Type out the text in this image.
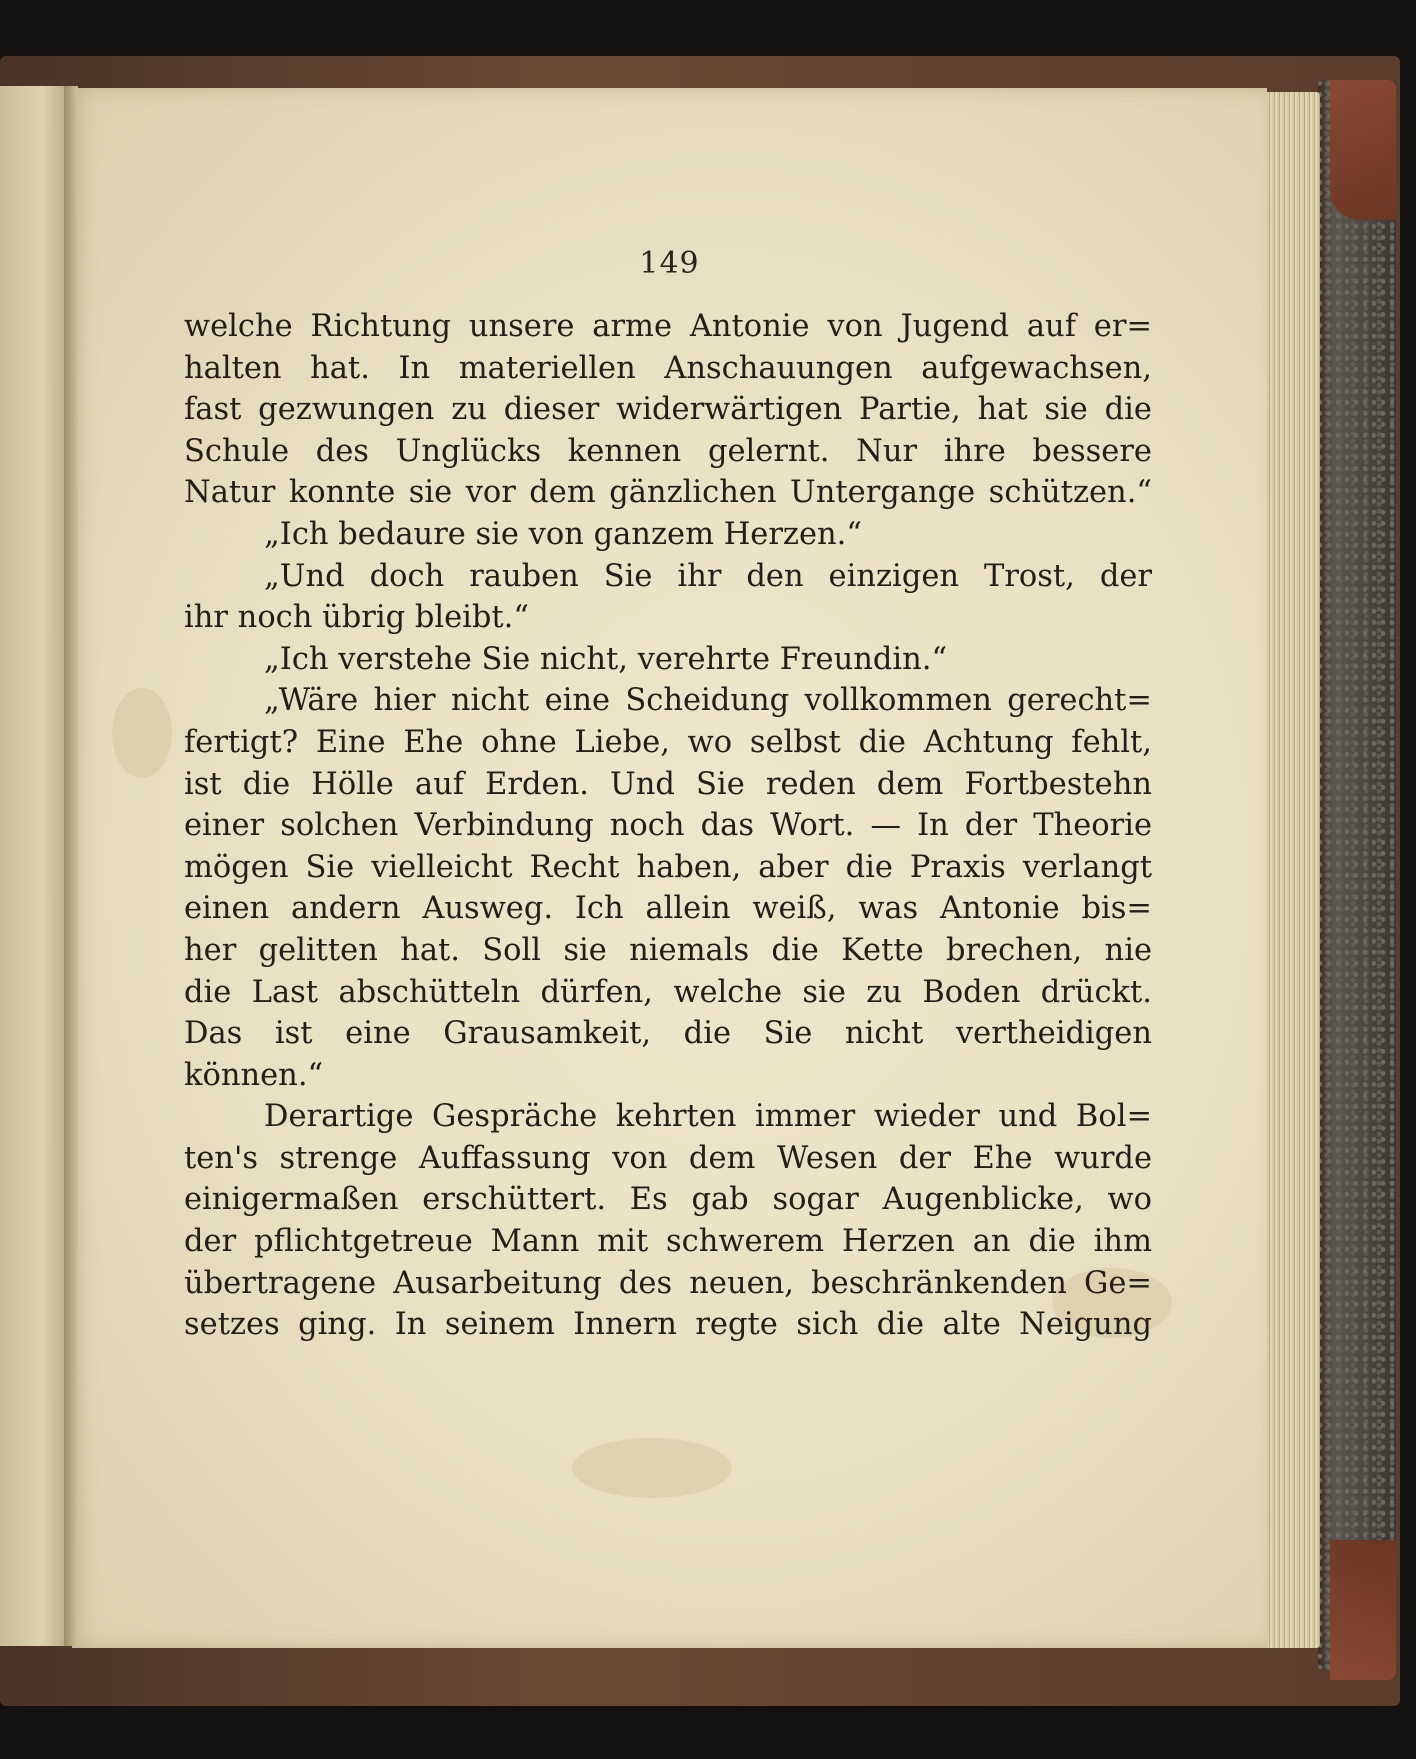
149
welche Richtung unsere arme Antonie von Jugend auf er=
halten hat. In materiellen Anschauungen aufgewachsen,
fast gezwungen zu dieser widerwärtigen Partie, hat sie die
Schule des Unglücks kennen gelernt. Nur ihre bessere
Natur konnte sie vor dem gänzlichen Untergange schützen.“
„Ich bedaure sie von ganzem Herzen.“
„Und doch rauben Sie ihr den einzigen Trost, der
ihr noch übrig bleibt.“
„Ich verstehe Sie nicht, verehrte Freundin.“
„Wäre hier nicht eine Scheidung vollkommen gerecht=
fertigt? Eine Ehe ohne Liebe, wo selbst die Achtung fehlt,
ist die Hölle auf Erden. Und Sie reden dem Fortbestehn
einer solchen Verbindung noch das Wort. — In der Theorie
mögen Sie vielleicht Recht haben, aber die Praxis verlangt
einen andern Ausweg. Ich allein weiß, was Antonie bis=
her gelitten hat. Soll sie niemals die Kette brechen, nie
die Last abschütteln dürfen, welche sie zu Boden drückt.
Das ist eine Grausamkeit, die Sie nicht vertheidigen
können.“
Derartige Gespräche kehrten immer wieder und Bol=
ten's strenge Auffassung von dem Wesen der Ehe wurde
einigermaßen erschüttert. Es gab sogar Augenblicke, wo
der pflichtgetreue Mann mit schwerem Herzen an die ihm
übertragene Ausarbeitung des neuen, beschränkenden Ge=
setzes ging. In seinem Innern regte sich die alte Neigung
